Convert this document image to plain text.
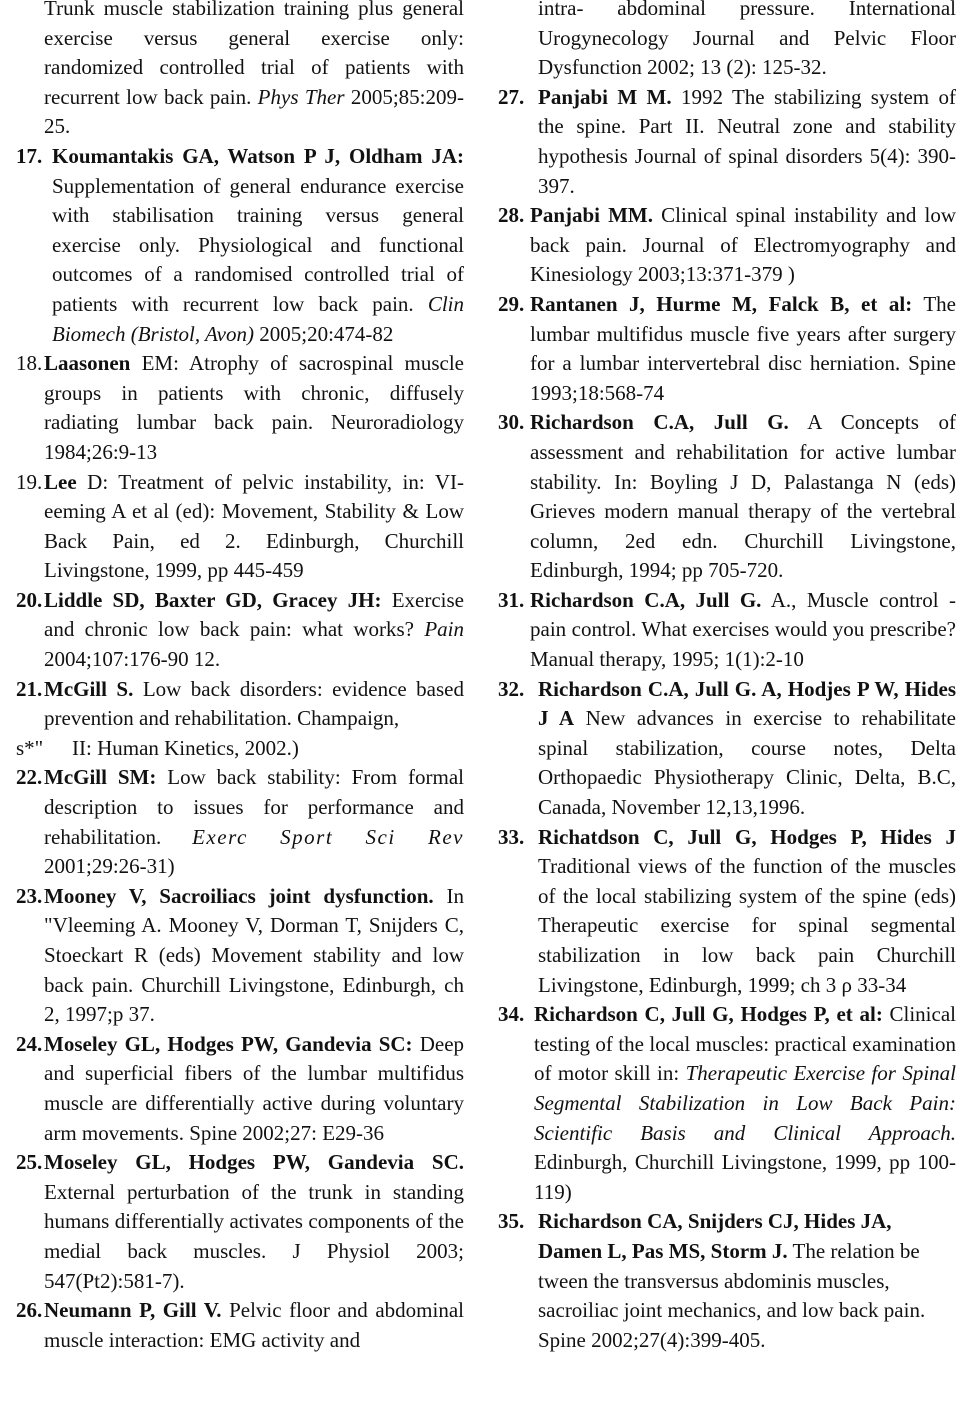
Trunk muscle stabilization training plus general exercise versus general exercise only: randomized controlled trial of patients with recurrent low back pain. Phys Ther 2005;85:209-25.
17. Koumantakis GA, Watson P J, Oldham JA: Supplementation of general endurance exercise with stabilisation training versus general exercise only. Physiological and functional outcomes of a randomised controlled trial of patients with recurrent low back pain. Clin Biomech (Bristol, Avon) 2005;20:474-82
18. Laasonen EM: Atrophy of sacrospinal muscle groups in patients with chronic, diffusely radiating lumbar back pain. Neuroradiology 1984;26:9-13
19. Lee D: Treatment of pelvic instability, in: VI-eeming A et al (ed): Movement, Stability & Low Back Pain, ed 2. Edinburgh, Churchill Livingstone, 1999, pp 445-459
20. Liddle SD, Baxter GD, Gracey JH: Exercise and chronic low back pain: what works? Pain 2004;107:176-90 12.
21. McGill S. Low back disorders: evidence based prevention and rehabilitation. Champaign,
s*" II: Human Kinetics, 2002.)
22. McGill SM: Low back stability: From formal description to issues for performance and rehabilitation. Exerc Sport Sci Rev 2001;29:26-31)
23. Mooney V, Sacroiliacs joint dysfunction. In "Vleeming A. Mooney V, Dorman T, Snijders C, Stoeckart R (eds) Movement stability and low back pain. Churchill Livingstone, Edinburgh, ch 2, 1997;p 37.
24. Moseley GL, Hodges PW, Gandevia SC: Deep and superficial fibers of the lumbar multifidus muscle are differentially active during voluntary arm movements. Spine 2002;27: E29-36
25. Moseley GL, Hodges PW, Gandevia SC. External perturbation of the trunk in standing humans differentially activates components of the medial back muscles. J Physiol 2003; 547(Pt2):581-7).
26. Neumann P, Gill V. Pelvic floor and abdominal muscle interaction: EMG activity and
intra- abdominal pressure. International Urogynecology Journal and Pelvic Floor Dysfunction 2002; 13 (2): 125-32.
27. Panjabi M M. 1992 The stabilizing system of the spine. Part II. Neutral zone and stability hypothesis Journal of spinal disorders 5(4): 390-397.
28. Panjabi MM. Clinical spinal instability and low back pain. Journal of Electromyography and Kinesiology 2003;13:371-379 )
29. Rantanen J, Hurme M, Falck B, et al: The lumbar multifidus muscle five years after surgery for a lumbar intervertebral disc herniation. Spine 1993;18:568-74
30. Richardson C.A, Jull G. A Concepts of assessment and rehabilitation for active lumbar stability. In: Boyling J D, Palastanga N (eds) Grieves modern manual therapy of the vertebral column, 2ed edn. Churchill Livingstone, Edinburgh, 1994; pp 705-720.
31. Richardson C.A, Jull G. A., Muscle control - pain control. What exercises would you prescribe? Manual therapy, 1995; 1(1):2-10
32. Richardson C.A, Jull G. A, Hodjes P W, Hides J A New advances in exercise to rehabilitate spinal stabilization, course notes, Delta Orthopaedic Physiotherapy Clinic, Delta, B.C, Canada, November 12,13,1996.
33. Richatdson C, Jull G, Hodges P, Hides J Traditional views of the function of the muscles of the local stabilizing system of the spine (eds) Therapeutic exercise for spinal segmental stabilization in low back pain Churchill Livingstone, Edinburgh, 1999; ch 3 ρ 33-34
34. Richardson C, Jull G, Hodges P, et al: Clinical testing of the local muscles: practical examination of motor skill in: Therapeutic Exercise for Spinal Segmental Stabilization in Low Back Pain: Scientific Basis and Clinical Approach. Edinburgh, Churchill Livingstone, 1999, pp 100-119)
35. Richardson CA, Snijders CJ, Hides JA, Damen L, Pas MS, Storm J. The relation be tween the transversus abdominis muscles, sacroiliac joint mechanics, and low back pain. Spine 2002;27(4):399-405.
